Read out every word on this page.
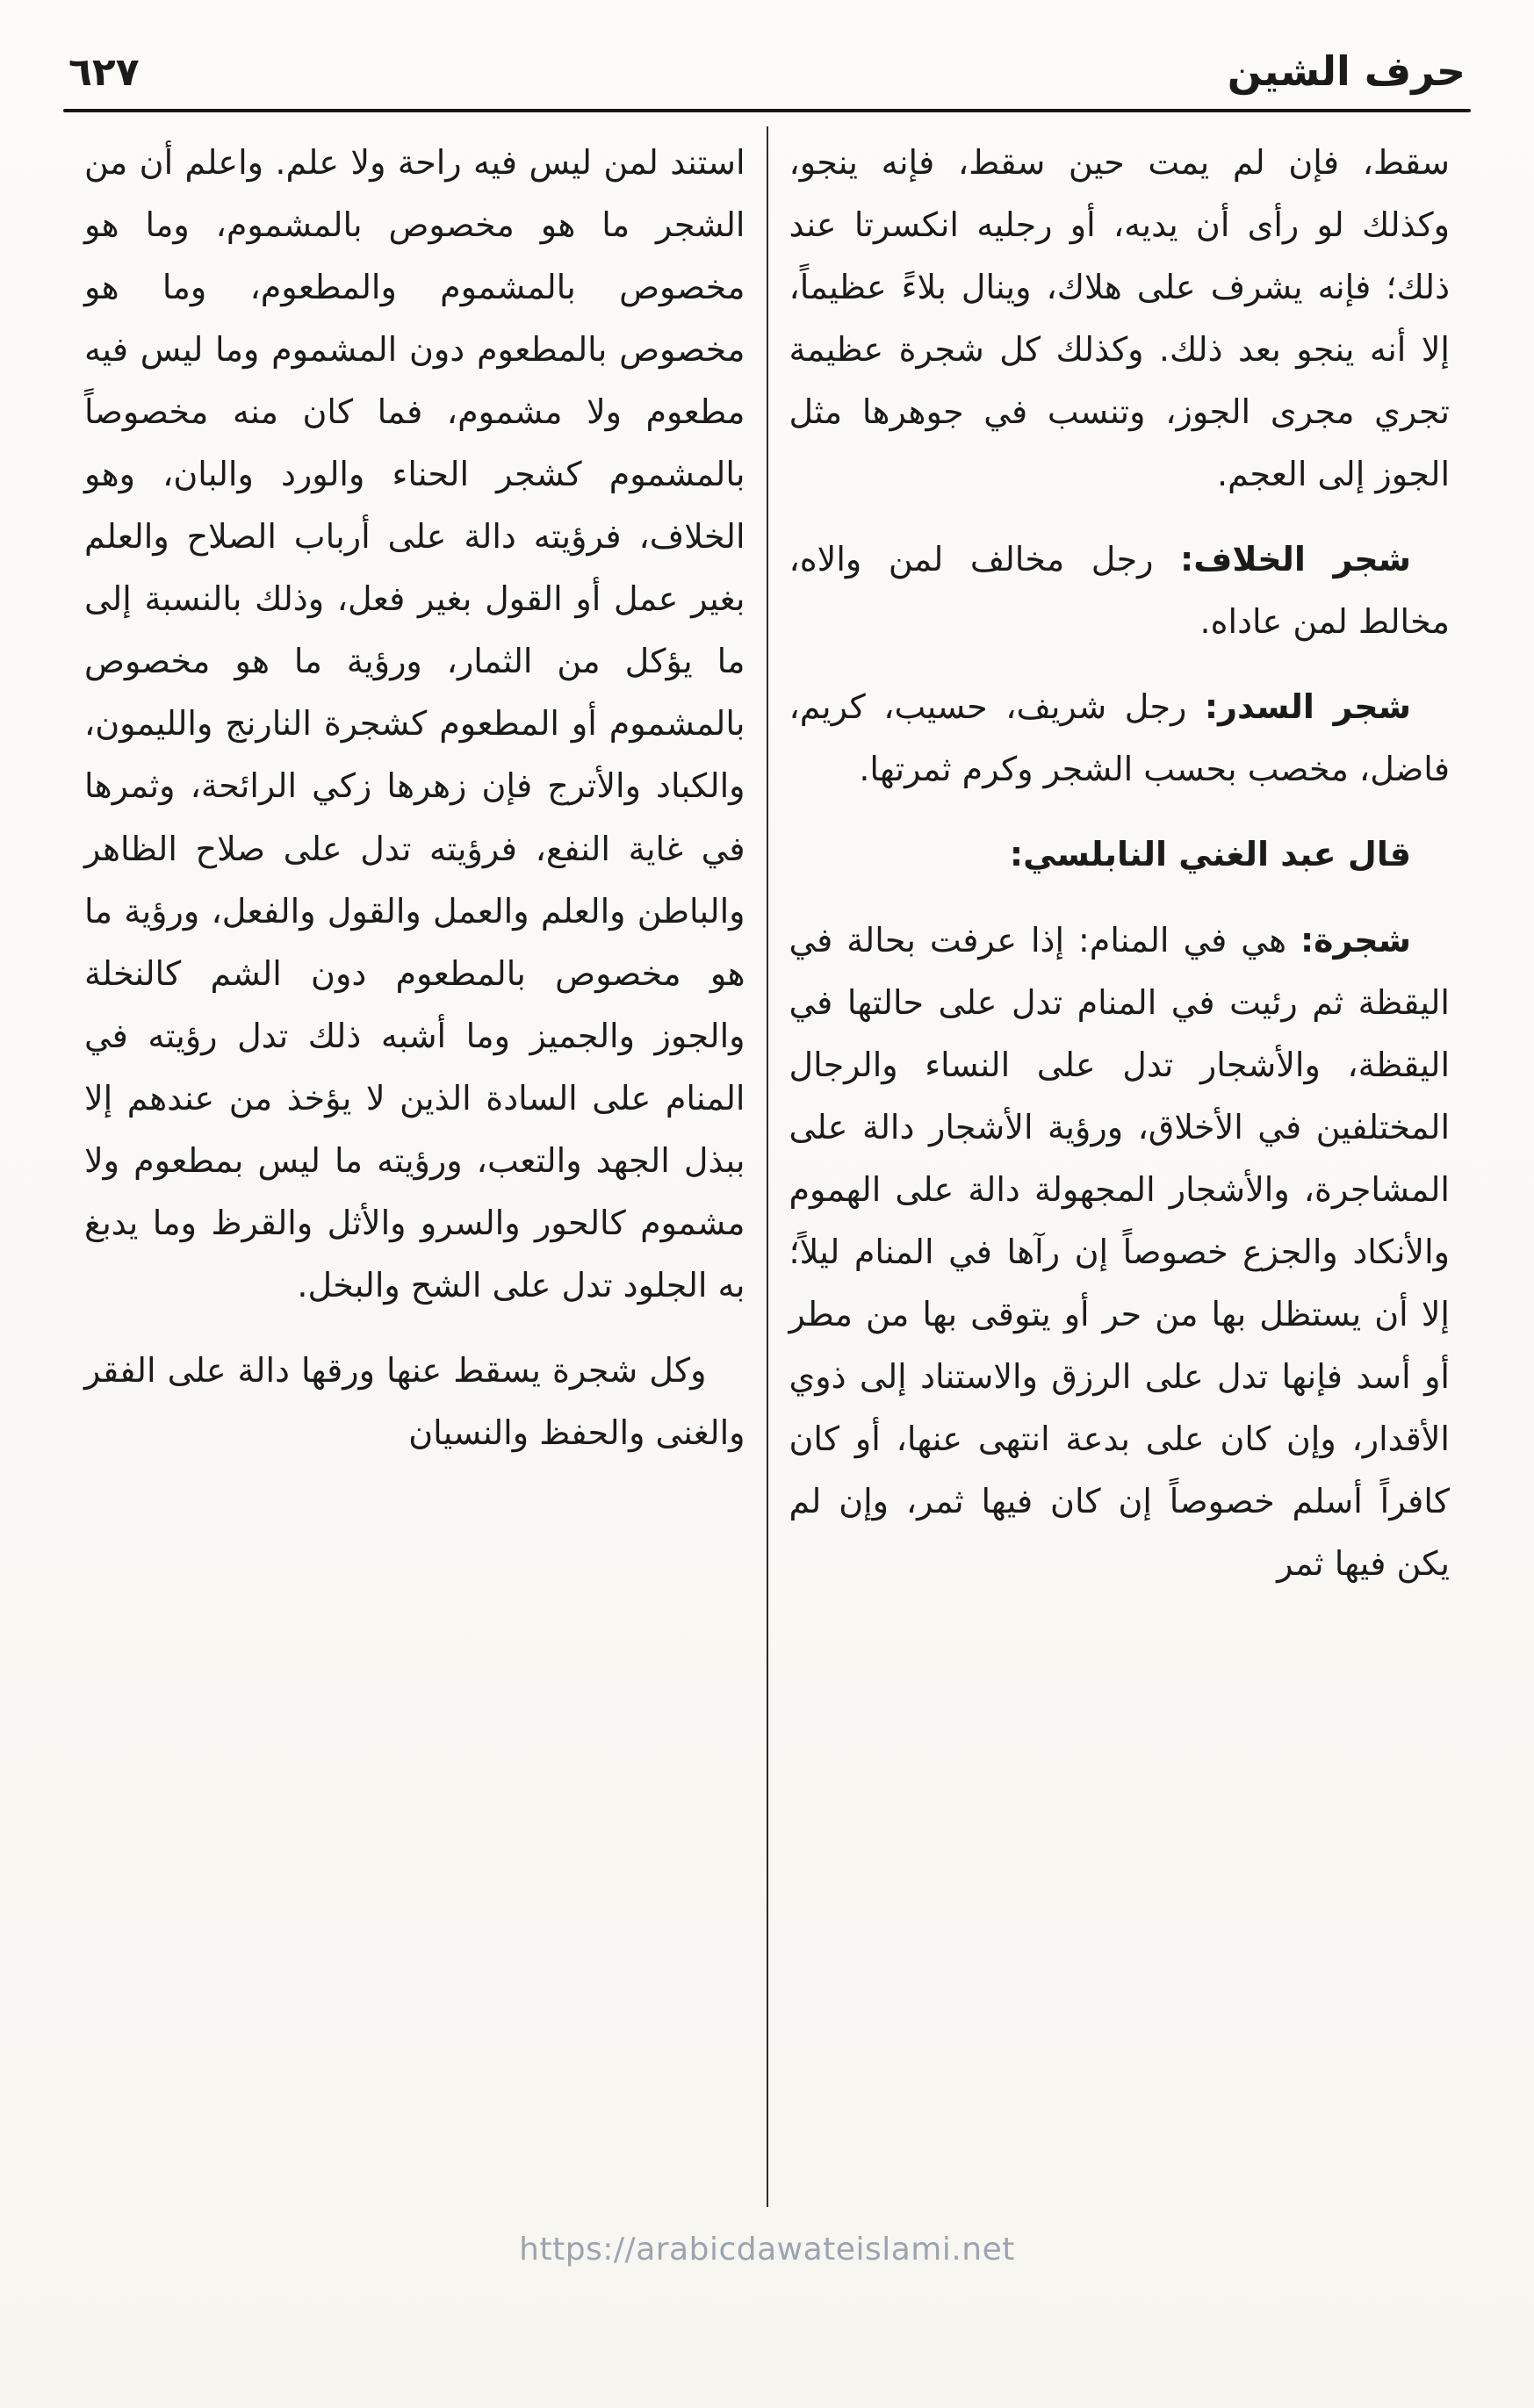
حرف الشين
٦٢٧

سقط، فإن لم يمت حين سقط، فإنه ينجو، وكذلك لو رأى أن يديه، أو رجليه انكسرتا عند ذلك؛ فإنه يشرف على هلاك، وينال بلاءً عظيماً، إلا أنه ينجو بعد ذلك. وكذلك كل شجرة عظيمة تجري مجرى الجوز، وتنسب في جوهرها مثل الجوز إلى العجم.

شجر الخلاف: رجل مخالف لمن والاه، مخالط لمن عاداه.

شجر السدر: رجل شريف، حسيب، كريم، فاضل، مخصب بحسب الشجر وكرم ثمرتها.

قال عبد الغني النابلسي:

شجرة: هي في المنام: إذا عرفت بحالة في اليقظة ثم رئيت في المنام تدل على حالتها في اليقظة، والأشجار تدل على النساء والرجال المختلفين في الأخلاق، ورؤية الأشجار دالة على المشاجرة، والأشجار المجهولة دالة على الهموم والأنكاد والجزع خصوصاً إن رآها في المنام ليلاً؛ إلا أن يستظل بها من حر أو يتوقى بها من مطر أو أسد فإنها تدل على الرزق والاستناد إلى ذوي الأقدار، وإن كان على بدعة انتهى عنها، أو كان كافراً أسلم خصوصاً إن كان فيها ثمر، وإن لم يكن فيها ثمر

استند لمن ليس فيه راحة ولا علم. واعلم أن من الشجر ما هو مخصوص بالمشموم، وما هو مخصوص بالمشموم والمطعوم، وما هو مخصوص بالمطعوم دون المشموم وما ليس فيه مطعوم ولا مشموم، فما كان منه مخصوصاً بالمشموم كشجر الحناء والورد والبان، وهو الخلاف، فرؤيته دالة على أرباب الصلاح والعلم بغير عمل أو القول بغير فعل، وذلك بالنسبة إلى ما يؤكل من الثمار، ورؤية ما هو مخصوص بالمشموم أو المطعوم كشجرة النارنج والليمون، والكباد والأترج فإن زهرها زكي الرائحة، وثمرها في غاية النفع، فرؤيته تدل على صلاح الظاهر والباطن والعلم والعمل والقول والفعل، ورؤية ما هو مخصوص بالمطعوم دون الشم كالنخلة والجوز والجميز وما أشبه ذلك تدل رؤيته في المنام على السادة الذين لا يؤخذ من عندهم إلا ببذل الجهد والتعب، ورؤيته ما ليس بمطعوم ولا مشموم كالحور والسرو والأثل والقرظ وما يدبغ به الجلود تدل على الشح والبخل.

وكل شجرة يسقط عنها ورقها دالة على الفقر والغنى والحفظ والنسيان

https://arabicdawateislami.net
